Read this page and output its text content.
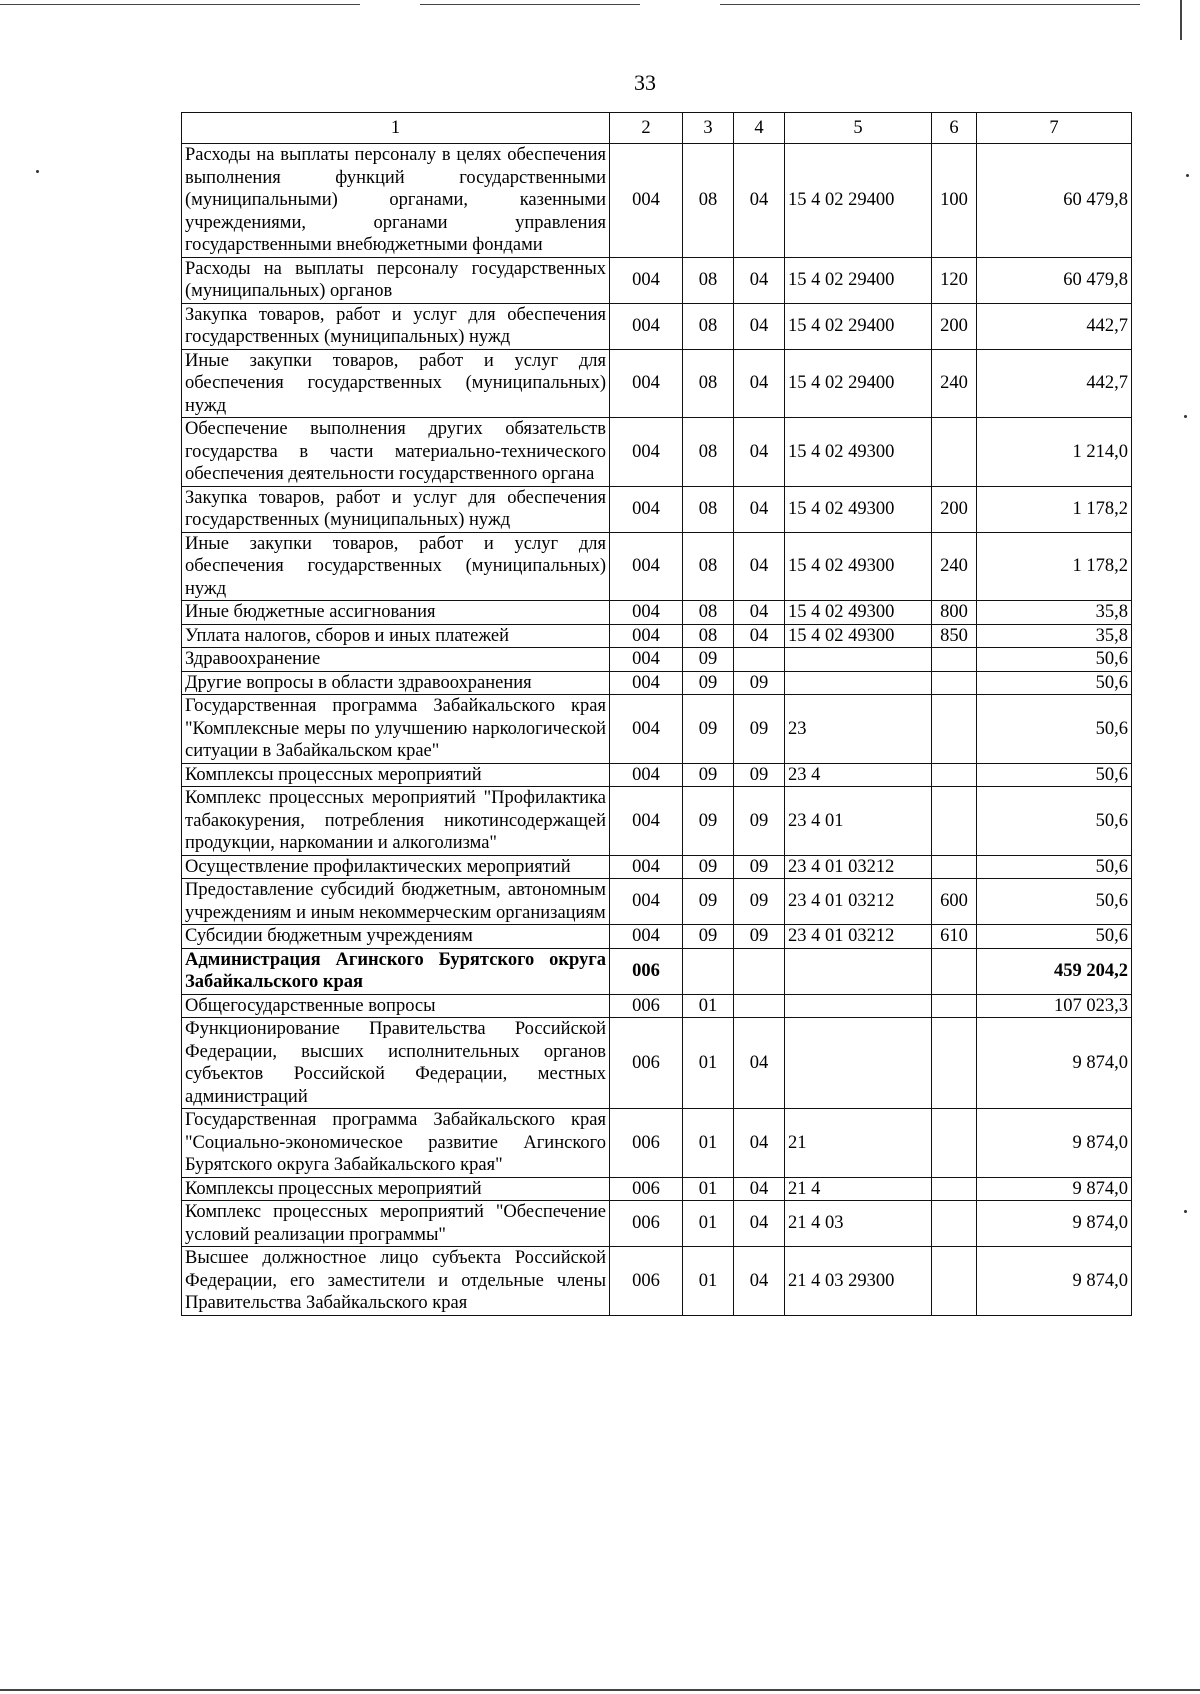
33
1	2	3	4	5	6	7
Расходы на выплаты персоналу в целях обеспечения выполнения функций государственными (муниципальными) органами, казенными учреждениями, органами управления государственными внебюджетными фондами	004	08	04	15 4 02 29400	100	60 479,8
Расходы на выплаты персоналу государственных (муниципальных) органов	004	08	04	15 4 02 29400	120	60 479,8
Закупка товаров, работ и услуг для обеспечения государственных (муниципальных) нужд	004	08	04	15 4 02 29400	200	442,7
Иные закупки товаров, работ и услуг для обеспечения государственных (муниципальных) нужд	004	08	04	15 4 02 29400	240	442,7
Обеспечение выполнения других обязательств государства в части материально-технического обеспечения деятельности государственного органа	004	08	04	15 4 02 49300		1 214,0
Закупка товаров, работ и услуг для обеспечения государственных (муниципальных) нужд	004	08	04	15 4 02 49300	200	1 178,2
Иные закупки товаров, работ и услуг для обеспечения государственных (муниципальных) нужд	004	08	04	15 4 02 49300	240	1 178,2
Иные бюджетные ассигнования	004	08	04	15 4 02 49300	800	35,8
Уплата налогов, сборов и иных платежей	004	08	04	15 4 02 49300	850	35,8
Здравоохранение	004	09				50,6
Другие вопросы в области здравоохранения	004	09	09			50,6
Государственная программа Забайкальского края "Комплексные меры по улучшению наркологической ситуации в Забайкальском крае"	004	09	09	23		50,6
Комплексы процессных мероприятий	004	09	09	23 4		50,6
Комплекс процессных мероприятий "Профилактика табакокурения, потребления никотинсодержащей продукции, наркомании и алкоголизма"	004	09	09	23 4 01		50,6
Осуществление профилактических мероприятий	004	09	09	23 4 01 03212		50,6
Предоставление субсидий бюджетным, автономным учреждениям и иным некоммерческим организациям	004	09	09	23 4 01 03212	600	50,6
Субсидии бюджетным учреждениям	004	09	09	23 4 01 03212	610	50,6
Администрация Агинского Бурятского округа Забайкальского края	006					459 204,2
Общегосударственные вопросы	006	01				107 023,3
Функционирование Правительства Российской Федерации, высших исполнительных органов субъектов Российской Федерации, местных администраций	006	01	04			9 874,0
Государственная программа Забайкальского края "Социально-экономическое развитие Агинского Бурятского округа Забайкальского края"	006	01	04	21		9 874,0
Комплексы процессных мероприятий	006	01	04	21 4		9 874,0
Комплекс процессных мероприятий "Обеспечение условий реализации программы"	006	01	04	21 4 03		9 874,0
Высшее должностное лицо субъекта Российской Федерации, его заместители и отдельные члены Правительства Забайкальского края	006	01	04	21 4 03 29300		9 874,0
